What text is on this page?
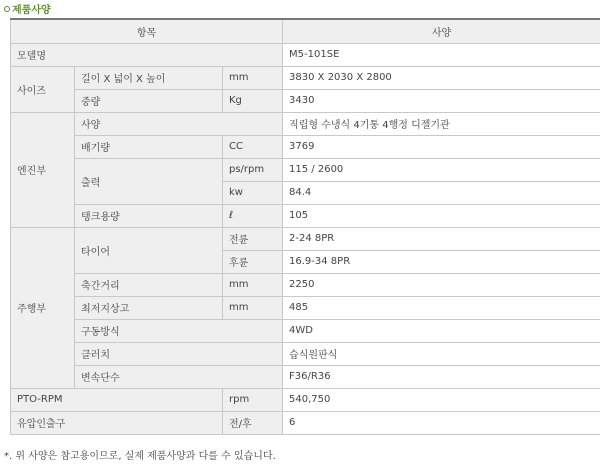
제품사양
항목			사양
모델명			M5-101SE
사이즈	길이 X 넓이 X 높이	mm	3830 X 2030 X 2800
	중량	Kg	3430
엔진부	사양		직립형 수냉식 4기통 4행정 디젤기관
	배기량	CC	3769
	출력	ps/rpm	115 / 2600
		kw	84.4
	탱크용량	ℓ	105
주행부	타이어	전륜	2-24 8PR
		후륜	16.9-34 8PR
	축간거리	mm	2250
	최저지상고	mm	485
	구동방식		4WD
	클러치		습식원판식
	변속단수		F36/R36
PTO-RPM		rpm	540,750
유압인출구		전/후	6
*. 위 사양은 참고용이므로, 실제 제품사양과 다를 수 있습니다.
